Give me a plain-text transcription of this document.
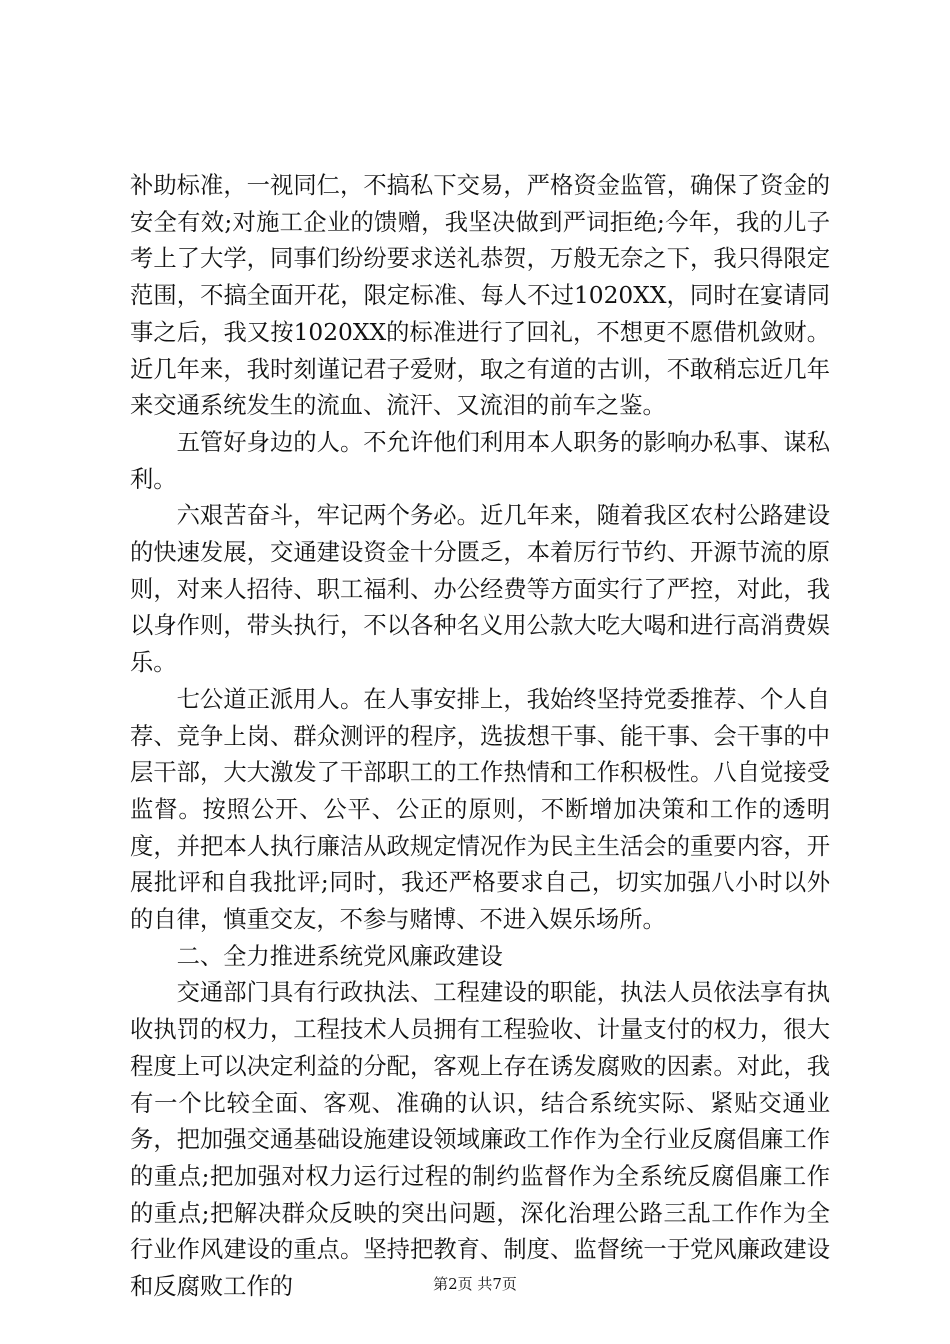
补助标准，一视同仁，不搞私下交易，严格资金监管，确保了资金的安全有效;对施工企业的馈赠，我坚决做到严词拒绝;今年，我的儿子考上了大学，同事们纷纷要求送礼恭贺，万般无奈之下，我只得限定范围，不搞全面开花，限定标准、每人不过1020XX，同时在宴请同事之后，我又按1020XX的标准进行了回礼，不想更不愿借机敛财。近几年来，我时刻谨记君子爱财，取之有道的古训，不敢稍忘近几年来交通系统发生的流血、流汗、又流泪的前车之鉴。

五管好身边的人。不允许他们利用本人职务的影响办私事、谋私利。

六艰苦奋斗，牢记两个务必。近几年来，随着我区农村公路建设的快速发展，交通建设资金十分匮乏，本着厉行节约、开源节流的原则，对来人招待、职工福利、办公经费等方面实行了严控，对此，我以身作则，带头执行，不以各种名义用公款大吃大喝和进行高消费娱乐。

七公道正派用人。在人事安排上，我始终坚持党委推荐、个人自荐、竞争上岗、群众测评的程序，选拔想干事、能干事、会干事的中层干部，大大激发了干部职工的工作热情和工作积极性。八自觉接受监督。按照公开、公平、公正的原则，不断增加决策和工作的透明度，并把本人执行廉洁从政规定情况作为民主生活会的重要内容，开展批评和自我批评;同时，我还严格要求自己，切实加强八小时以外的自律，慎重交友，不参与赌博、不进入娱乐场所。

二、全力推进系统党风廉政建设

交通部门具有行政执法、工程建设的职能，执法人员依法享有执收执罚的权力，工程技术人员拥有工程验收、计量支付的权力，很大程度上可以决定利益的分配，客观上存在诱发腐败的因素。对此，我有一个比较全面、客观、准确的认识，结合系统实际、紧贴交通业务，把加强交通基础设施建设领域廉政工作作为全行业反腐倡廉工作的重点;把加强对权力运行过程的制约监督作为全系统反腐倡廉工作的重点;把解决群众反映的突出问题，深化治理公路三乱工作作为全行业作风建设的重点。坚持把教育、制度、监督统一于党风廉政建设和反腐败工作的	第2页 共7页
